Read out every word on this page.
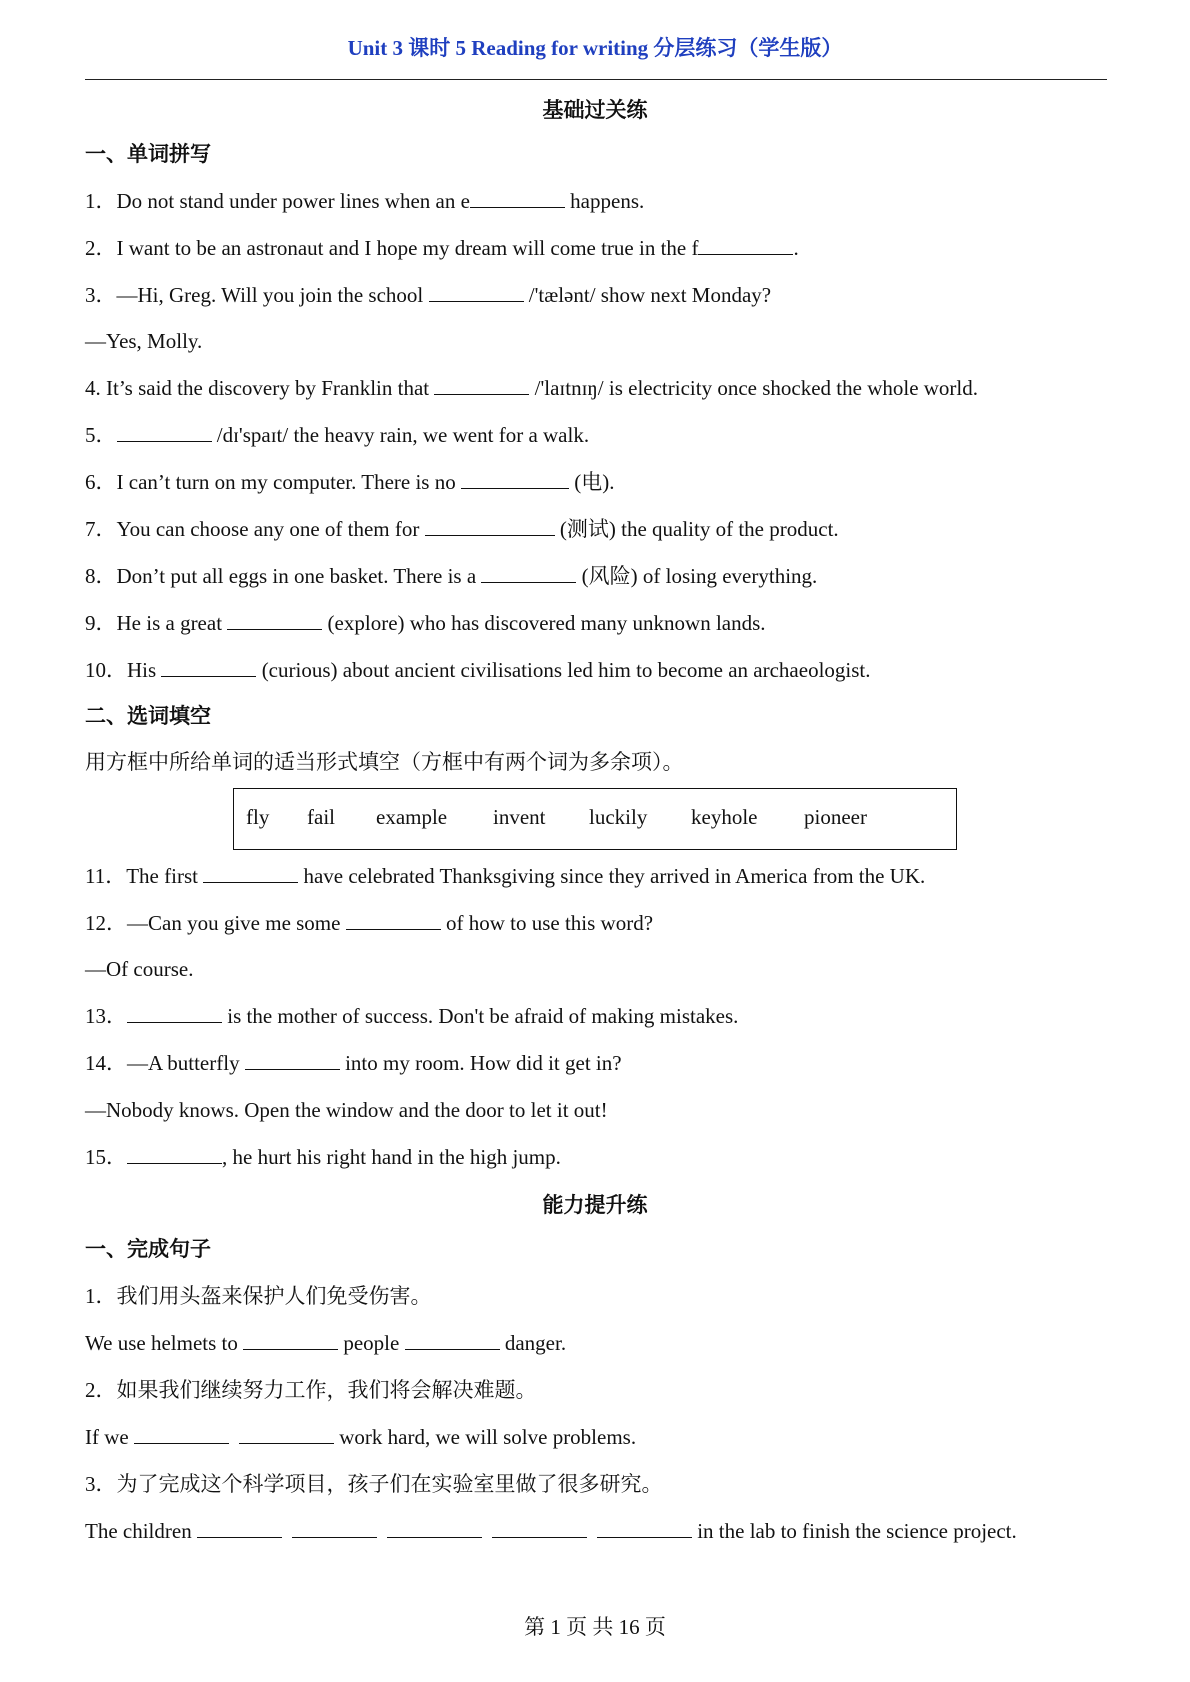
Unit 3 课时 5 Reading for writing 分层练习（学生版）
基础过关练
一、单词拼写
1．Do not stand under power lines when an e	happens.
2．I want to be an astronaut and I hope my dream will come true in the f	.
3．—Hi, Greg. Will you join the school	/'tælənt/ show next Monday?
—Yes, Molly.
4. It’s said the discovery by Franklin that	/'laɪtnɪŋ/ is electricity once shocked the whole world.
5．	/dɪ'spaɪt/ the heavy rain, we went for a walk.
6．I can’t turn on my computer. There is no	(电).
7．You can choose any one of them for	(测试) the quality of the product.
8．Don’t put all eggs in one basket. There is a	(风险) of losing everything.
9．He is a great	(explore) who has discovered many unknown lands.
10．His	(curious) about ancient civilisations led him to become an archaeologist.
二、选词填空
用方框中所给单词的适当形式填空（方框中有两个词为多余项）。
fly fail example invent luckily keyhole pioneer
11．The first	have celebrated Thanksgiving since they arrived in America from the UK.
12．—Can you give me some	of how to use this word?
—Of course.
13．	is the mother of success. Don't be afraid of making mistakes.
14．—A butterfly	into my room. How did it get in?
—Nobody knows. Open the window and the door to let it out!
15．	, he hurt his right hand in the high jump.
能力提升练
一、完成句子
1．我们用头盔来保护人们免受伤害。
We use helmets to	people	danger.
2．如果我们继续努力工作，我们将会解决难题。
If we	work hard, we will solve problems.
3．为了完成这个科学项目，孩子们在实验室里做了很多研究。
The children	in the lab to finish the science project.
第 1 页 共 16 页
